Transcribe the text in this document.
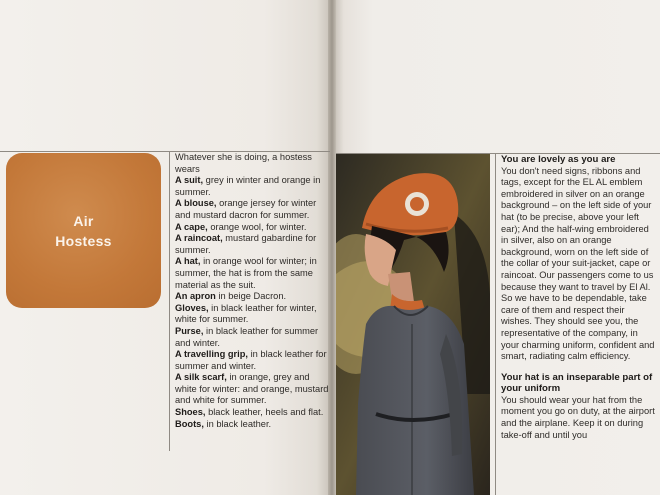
Air
Hostess

Whatever she is doing, a hostess wears

A suit, grey in winter and orange in summer.

A blouse, orange jersey for winter and mustard dacron for summer.

A cape, orange wool, for winter.

A raincoat, mustard gabardine for summer.

A hat, in orange wool for winter; in summer, the hat is from the same material as the suit.

An apron in beige Dacron.

Gloves, in black leather for winter, white for summer.

Purse, in black leather for summer and winter.

A travelling grip, in black leather for summer and winter.

A silk scarf, in orange, grey and white for winter: and orange, mustard and white for summer.

Shoes, black leather, heels and flat.

Boots, in black leather.

You are lovely as you are

You don't need signs, ribbons and tags, except for the EL AL emblem embroidered in silver on an orange background – on the left side of your hat (to be precise, above your left ear); And the half-wing embroidered in silver, also on an orange background, worn on the left side of the collar of your suit-jacket, cape or raincoat. Our passengers come to us because they want to travel by El Al. So we have to be dependable, take care of them and respect their wishes. They should see you, the representative of the company, in your charming uniform, confident and smart, radiating calm efficiency.

Your hat is an inseparable part of your uniform

You should wear your hat from the moment you go on duty, at the airport and the airplane. Keep it on during take-off and until you
